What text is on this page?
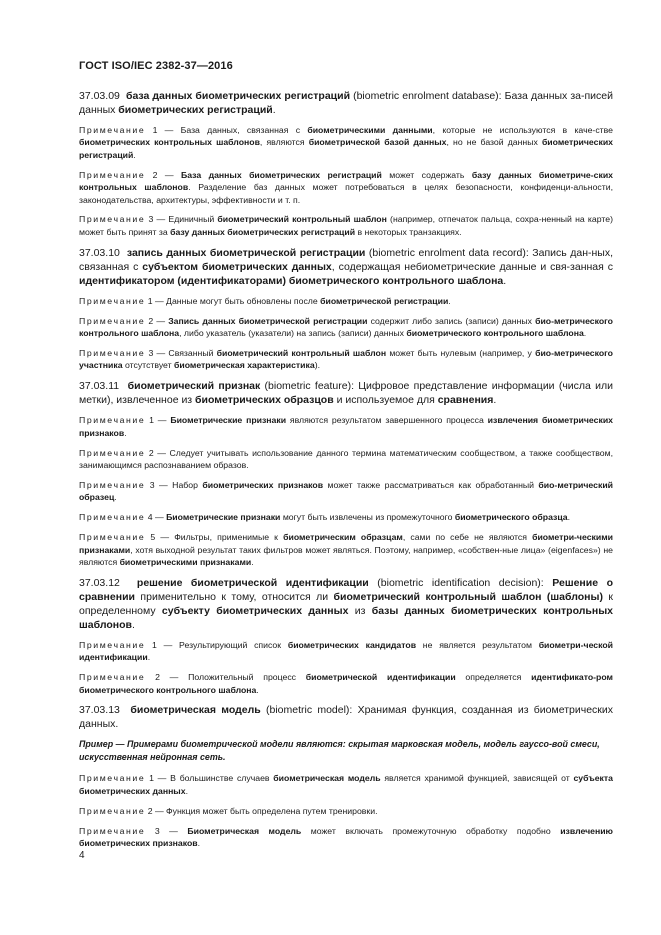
ГОСТ ISO/IEC 2382-37—2016

37.03.09 база данных биометрических регистраций (biometric enrolment database): База данных за-писей данных биометрических регистраций.

Примечание 1 — База данных, связанная с биометрическими данными, которые не используются в каче-стве биометрических контрольных шаблонов, являются биометрической базой данных, но не базой данных биометрических регистраций.

Примечание 2 — База данных биометрических регистраций может содержать базу данных биометриче-ских контрольных шаблонов. Разделение баз данных может потребоваться в целях безопасности, конфиденци-альности, законодательства, архитектуры, эффективности и т. п.

Примечание 3 — Единичный биометрический контрольный шаблон (например, отпечаток пальца, сохра-ненный на карте) может быть принят за базу данных биометрических регистраций в некоторых транзакциях.

37.03.10 запись данных биометрической регистрации (biometric enrolment data record): Запись дан-ных, связанная с субъектом биометрических данных, содержащая небиометрические данные и свя-занная с идентификатором (идентификаторами) биометрического контрольного шаблона.

Примечание 1 — Данные могут быть обновлены после биометрической регистрации.

Примечание 2 — Запись данных биометрической регистрации содержит либо запись (записи) данных био-метрического контрольного шаблона, либо указатель (указатели) на запись (записи) данных биометрического контрольного шаблона.

Примечание 3 — Связанный биометрический контрольный шаблон может быть нулевым (например, у био-метрического участника отсутствует биометрическая характеристика).

37.03.11 биометрический признак (biometric feature): Цифровое представление информации (числа или метки), извлеченное из биометрических образцов и используемое для сравнения.

Примечание 1 — Биометрические признаки являются результатом завершенного процесса извлечения биометрических признаков.

Примечание 2 — Следует учитывать использование данного термина математическим сообществом, а также сообществом, занимающимся распознаванием образов.

Примечание 3 — Набор биометрических признаков может также рассматриваться как обработанный био-метрический образец.

Примечание 4 — Биометрические признаки могут быть извлечены из промежуточного биометрического образца.

Примечание 5 — Фильтры, применимые к биометрическим образцам, сами по себе не являются биометри-ческими признаками, хотя выходной результат таких фильтров может являться. Поэтому, например, «собствен-ные лица» (eigenfaces») не являются биометрическими признаками.

37.03.12 решение биометрической идентификации (biometric identification decision): Решение о сравнении применительно к тому, относится ли биометрический контрольный шаблон (шаблоны) к определенному субъекту биометрических данных из базы данных биометрических контрольных шаблонов.

Примечание 1 — Результирующий список биометрических кандидатов не является результатом биометри-ческой идентификации.

Примечание 2 — Положительный процесс биометрической идентификации определяется идентификато-ром биометрического контрольного шаблона.

37.03.13 биометрическая модель (biometric model): Хранимая функция, созданная из биометрических данных.

Пример — Примерами биометрической модели являются: скрытая марковская модель, модель гауссо-вой смеси, искусственная нейронная сеть.

Примечание 1 — В большинстве случаев биометрическая модель является хранимой функцией, зависящей от субъекта биометрических данных.

Примечание 2 — Функция может быть определена путем тренировки.

Примечание 3 — Биометрическая модель может включать промежуточную обработку подобно извлечению биометрических признаков.

4
